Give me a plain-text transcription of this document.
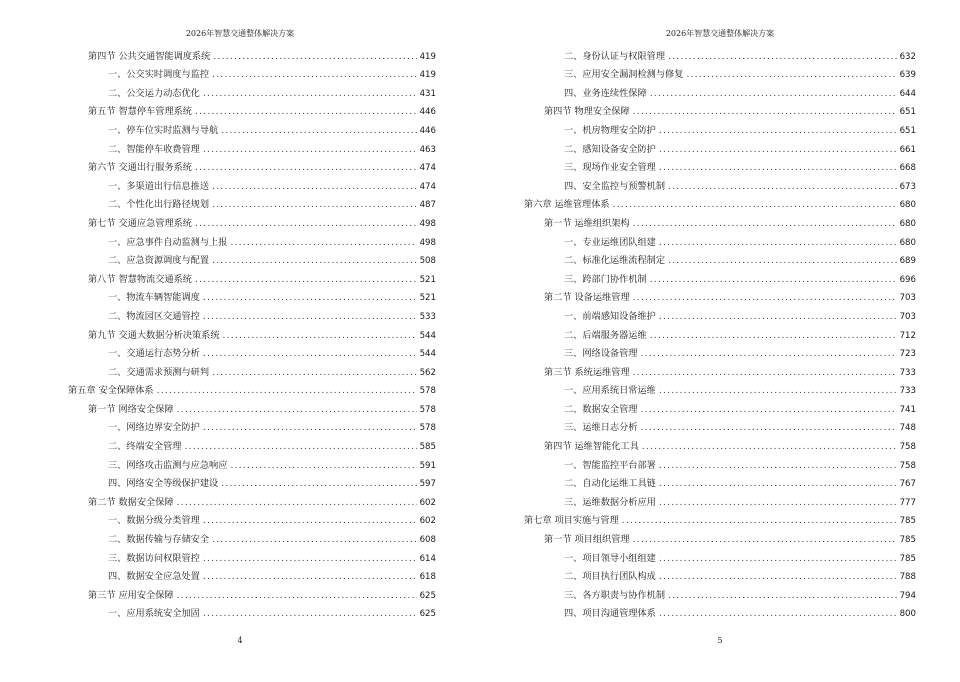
2026年智慧交通整体解决方案
第四节 公共交通智能调度系统 .....	419
一、公交实时调度与监控 .....	419
二、公交运力动态优化 .....	431
第五节 智慧停车管理系统 .....	446
一、停车位实时监测与导航 .....	446
二、智能停车收费管理 .....	463
第六节 交通出行服务系统 .....	474
一、多渠道出行信息推送 .....	474
二、个性化出行路径规划 .....	487
第七节 交通应急管理系统 .....	498
一、应急事件自动监测与上报 .....	498
二、应急资源调度与配置 .....	508
第八节 智慧物流交通系统 .....	521
一、物流车辆智能调度 .....	521
二、物流园区交通管控 .....	533
第九节 交通大数据分析决策系统 .....	544
一、交通运行态势分析 .....	544
二、交通需求预测与研判 .....	562
第五章 安全保障体系 .....	578
第一节 网络安全保障 .....	578
一、网络边界安全防护 .....	578
二、终端安全管理 .....	585
三、网络攻击监测与应急响应 .....	591
四、网络安全等级保护建设 .....	597
第二节 数据安全保障 .....	602
一、数据分级分类管理 .....	602
二、数据传输与存储安全 .....	608
三、数据访问权限管控 .....	614
四、数据安全应急处置 .....	618
第三节 应用安全保障 .....	625
一、应用系统安全加固 .....	625
4
2026年智慧交通整体解决方案
二、身份认证与权限管理 .....	632
三、应用安全漏洞检测与修复 .....	639
四、业务连续性保障 .....	644
第四节 物理安全保障 .....	651
一、机房物理安全防护 .....	651
二、感知设备安全防护 .....	661
三、现场作业安全管理 .....	668
四、安全监控与预警机制 .....	673
第六章 运维管理体系 .....	680
第一节 运维组织架构 .....	680
一、专业运维团队组建 .....	680
二、标准化运维流程制定 .....	689
三、跨部门协作机制 .....	696
第二节 设备运维管理 .....	703
一、前端感知设备维护 .....	703
二、后端服务器运维 .....	712
三、网络设备管理 .....	723
第三节 系统运维管理 .....	733
一、应用系统日常运维 .....	733
二、数据安全管理 .....	741
三、运维日志分析 .....	748
第四节 运维智能化工具 .....	758
一、智能监控平台部署 .....	758
二、自动化运维工具链 .....	767
三、运维数据分析应用 .....	777
第七章 项目实施与管理 .....	785
第一节 项目组织管理 .....	785
一、项目领导小组组建 .....	785
二、项目执行团队构成 .....	788
三、各方职责与协作机制 .....	794
四、项目沟通管理体系 .....	800
5
